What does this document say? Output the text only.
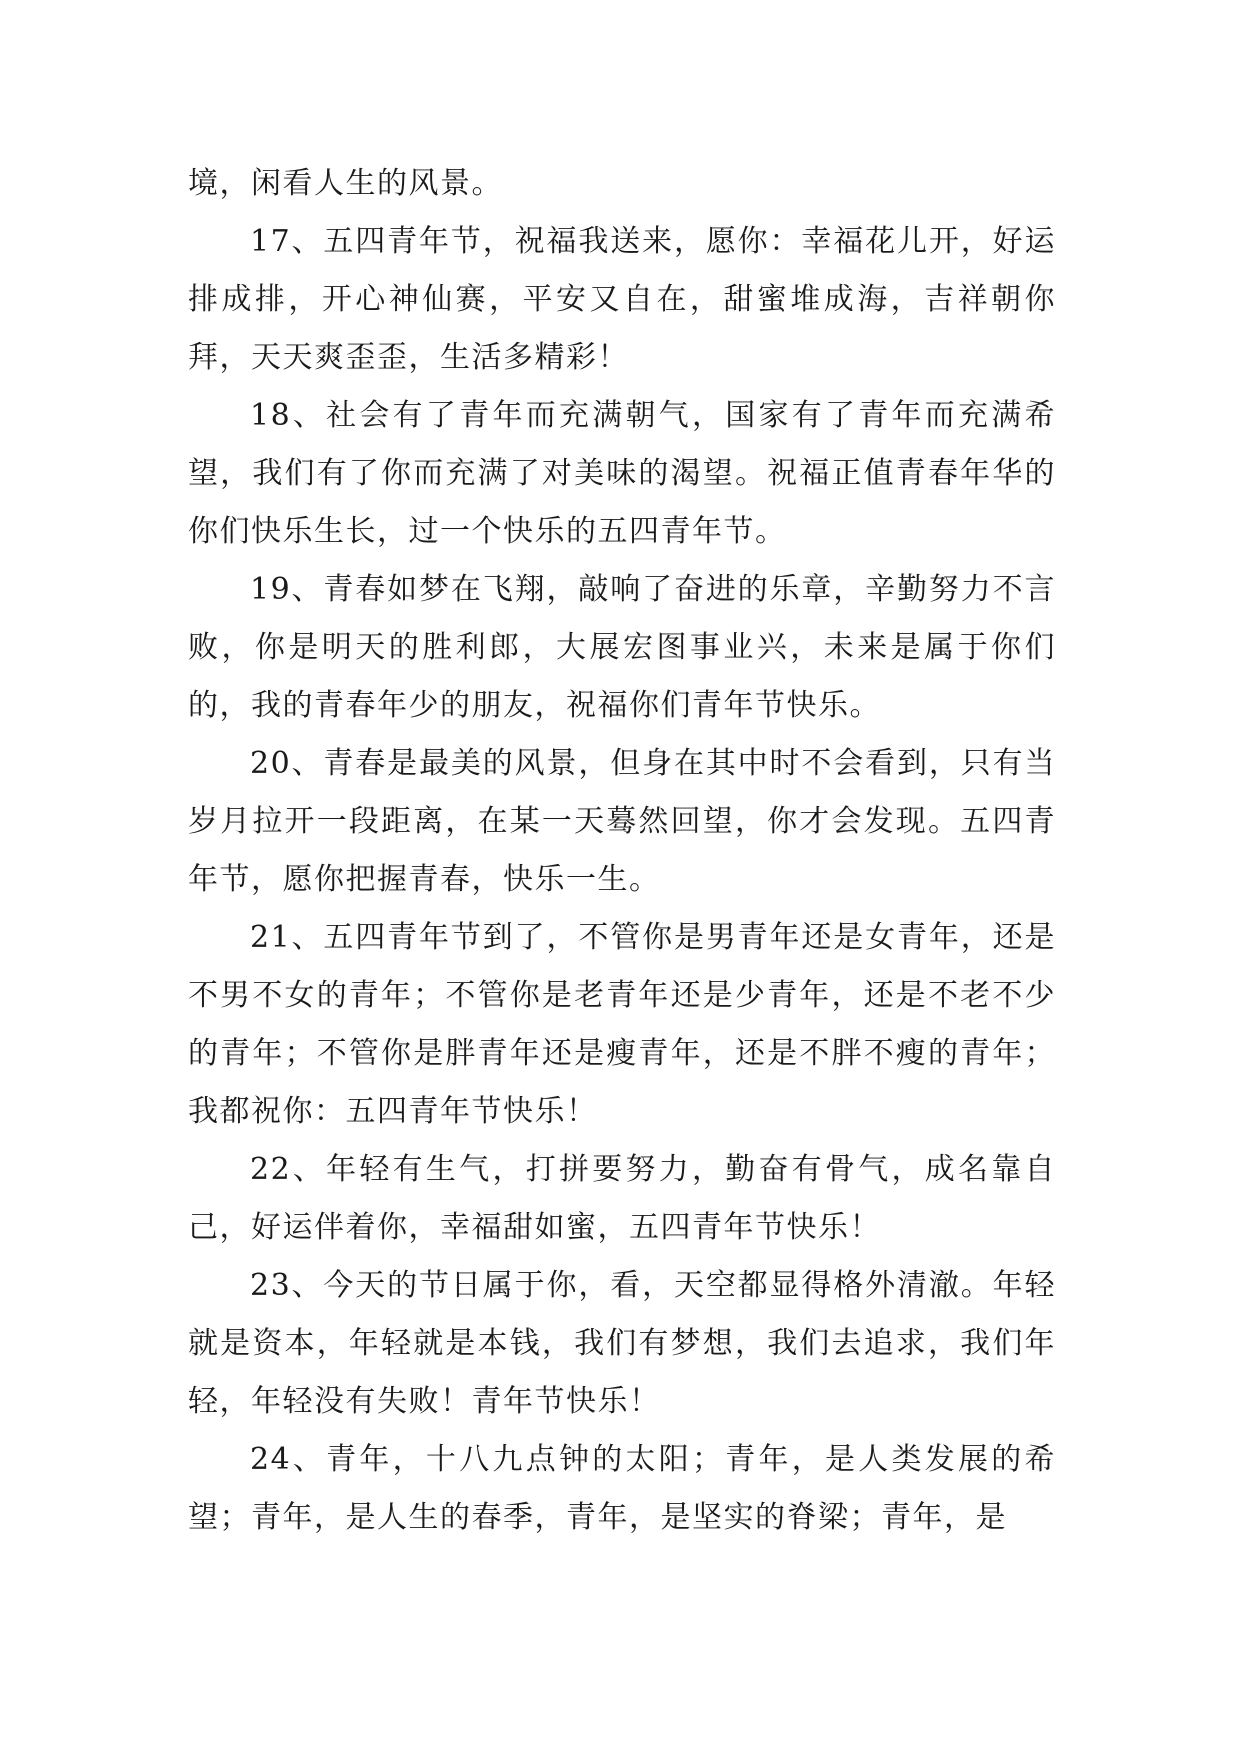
境，闲看人生的风景。

17、五四青年节，祝福我送来，愿你：幸福花儿开，好运排成排，开心神仙赛，平安又自在，甜蜜堆成海，吉祥朝你拜，天天爽歪歪，生活多精彩！

18、社会有了青年而充满朝气，国家有了青年而充满希望，我们有了你而充满了对美味的渴望。祝福正值青春年华的你们快乐生长，过一个快乐的五四青年节。

19、青春如梦在飞翔，敲响了奋进的乐章，辛勤努力不言败，你是明天的胜利郎，大展宏图事业兴，未来是属于你们的，我的青春年少的朋友，祝福你们青年节快乐。

20、青春是最美的风景，但身在其中时不会看到，只有当岁月拉开一段距离，在某一天蓦然回望，你才会发现。五四青年节，愿你把握青春，快乐一生。

21、五四青年节到了，不管你是男青年还是女青年，还是不男不女的青年；不管你是老青年还是少青年，还是不老不少的青年；不管你是胖青年还是瘦青年，还是不胖不瘦的青年；我都祝你：五四青年节快乐！

22、年轻有生气，打拼要努力，勤奋有骨气，成名靠自己，好运伴着你，幸福甜如蜜，五四青年节快乐！

23、今天的节日属于你，看，天空都显得格外清澈。年轻就是资本，年轻就是本钱，我们有梦想，我们去追求，我们年轻，年轻没有失败！青年节快乐！

24、青年，十八九点钟的太阳；青年，是人类发展的希望；青年，是人生的春季，青年，是坚实的脊梁；青年，是
